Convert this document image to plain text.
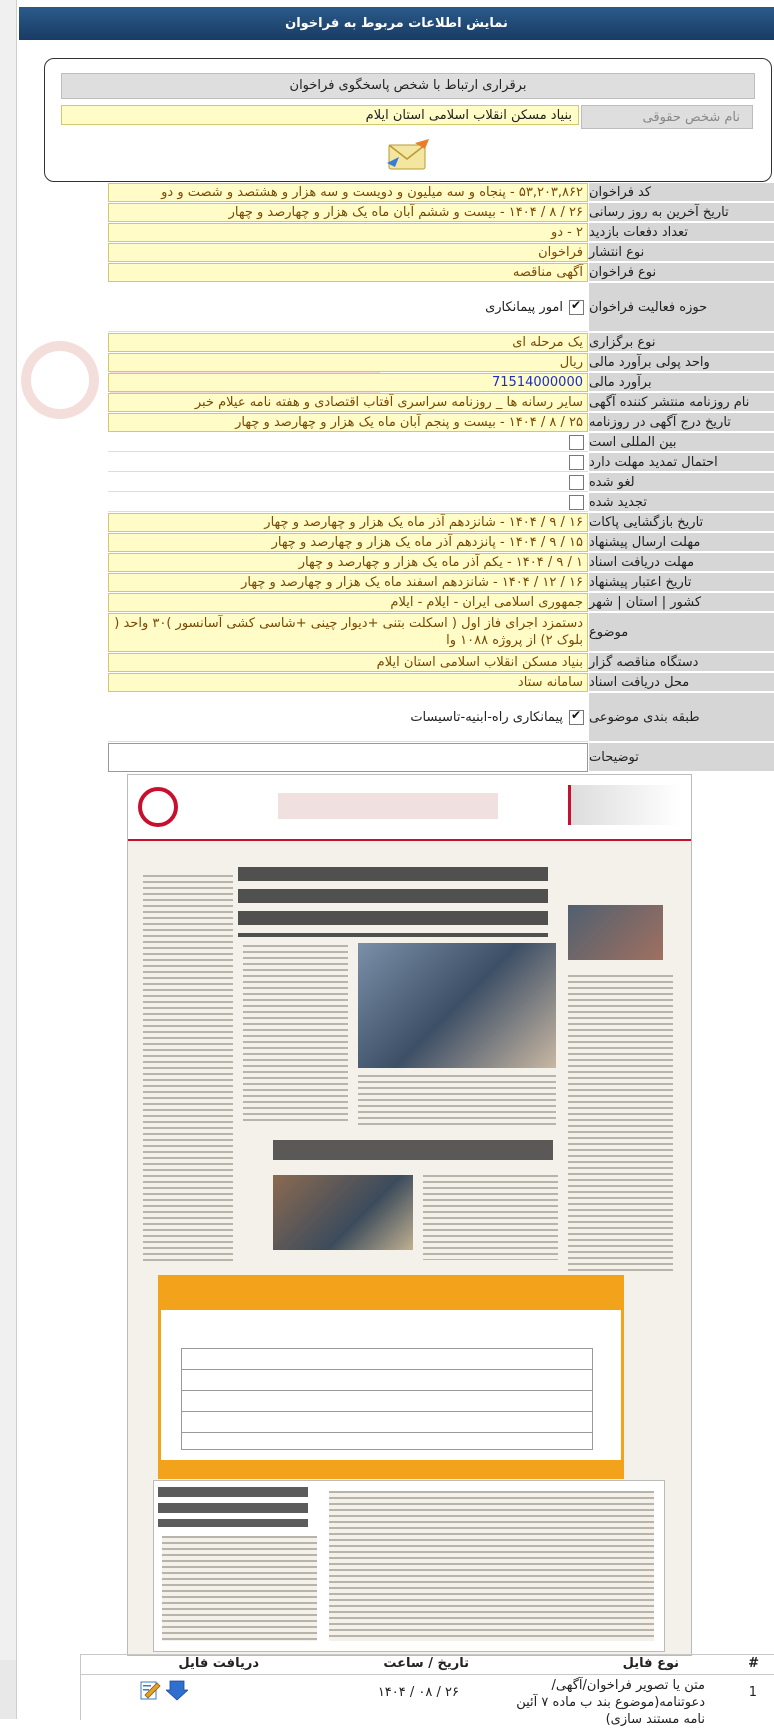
نمایش اطلاعات مربوط به فراخوان
برقراری ارتباط با شخص پاسخگوی فراخوان
نام شخص حقوقی
بنیاد مسکن انقلاب اسلامی استان ایلام
۵۳,۲۰۳,۸۶۲ - پنجاه و سه میلیون و دویست و سه هزار و هشتصد و شصت و دو کد فراخوان
۲۶ / ۸ / ۱۴۰۴ - بیست و ششم آبان ماه یک هزار و چهارصد و چهار تاریخ آخرین به روز رسانی
۲ - دو تعداد دفعات بازدید
فراخوان نوع انتشار
آگهی مناقصه نوع فراخوان
✔
امور پیمانکاری حوزه فعالیت فراخوان
یک مرحله ای نوع برگزاری
ریال واحد پولی برآورد مالی
71514000000 برآورد مالی
سایر رسانه ها _ روزنامه سراسری آفتاب اقتصادی و هفته نامه عیلام خبر نام روزنامه منتشر کننده آگهی
۲۵ / ۸ / ۱۴۰۴ - بیست و پنجم آبان ماه یک هزار و چهارصد و چهار تاریخ درج آگهی در روزنامه
بین المللی است
احتمال تمدید مهلت دارد
لغو شده
تجدید شده
۱۶ / ۹ / ۱۴۰۴ - شانزدهم آذر ماه یک هزار و چهارصد و چهار تاریخ بازگشایی پاکات
۱۵ / ۹ / ۱۴۰۴ - پانزدهم آذر ماه یک هزار و چهارصد و چهار مهلت ارسال پیشنهاد
۱ / ۹ / ۱۴۰۴ - یکم آذر ماه یک هزار و چهارصد و چهار مهلت دریافت اسناد
۱۶ / ۱۲ / ۱۴۰۴ - شانزدهم اسفند ماه یک هزار و چهارصد و چهار تاریخ اعتبار پیشنهاد
جمهوری اسلامی ایران - ایلام - ایلام کشور | استان | شهر
دستمزد اجرای فاز اول ( اسکلت بتنی +دیوار چینی +شاسی کشی آسانسور )۳۰ واحد ( بلوک ۲) از پروژه ۱۰۸۸ وا
موضوع
بنیاد مسکن انقلاب اسلامی استان ایلام دستگاه مناقصه گزار
سامانه ستاد محل دریافت اسناد
✔
پیمانکاری راه-ابنیه-تاسیسات طبقه بندی موضوعی
توضیحات
#
نوع فایل
تاریخ / ساعت
دریافت فایل
1
متن یا تصویر فراخوان/آگهی/دعوتنامه(موضوع بند ب ماده ۷ آئین نامه مستند سازی)
۲۶ / ۰۸ / ۱۴۰۴
